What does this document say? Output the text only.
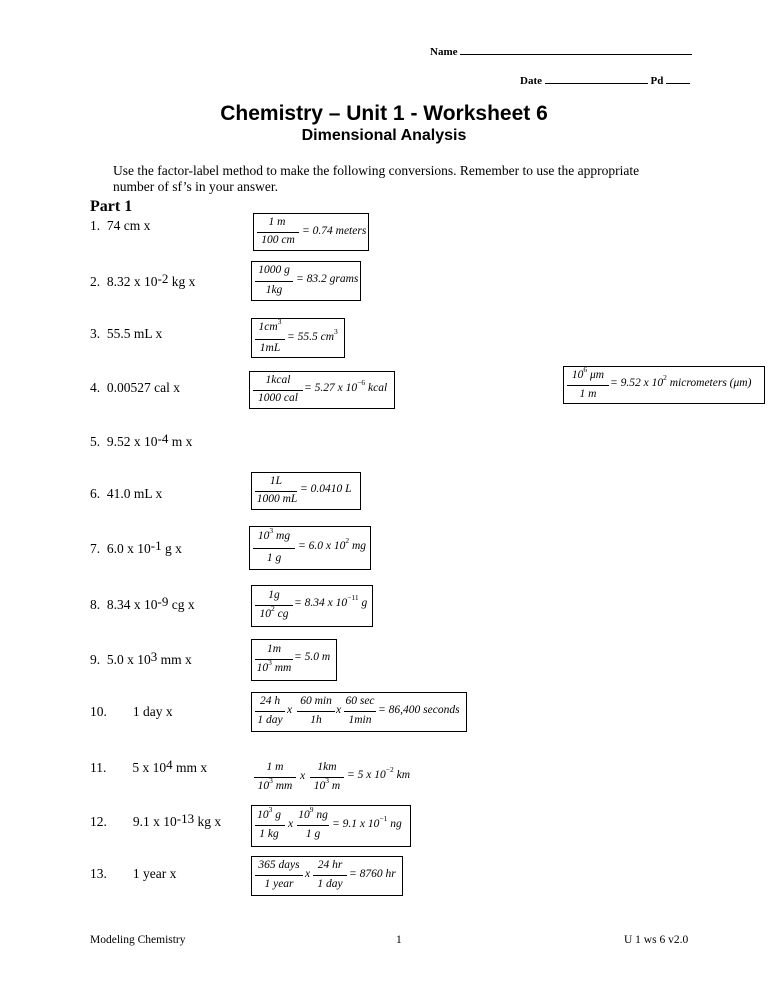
Name
Date	Pd
Chemistry – Unit 1 - Worksheet 6
Dimensional Analysis
Use the factor-label method to make the following conversions. Remember to use the appropriate number of sf’s in your answer.
Part 1
1. 74 cm x
2. 8.32 x $10^{-2}$ kg x
3. 55.5 mL x
4. 0.00527 cal x
5. 9.52 x $10^{-4}$ m x
6. 41.0 mL x
7. 6.0 x $10^{-1}$ g x
8. 8.34 x $10^{-9}$ cg x
9. 5.0 x $10^3$ mm x
10. 1 day x
11. 5 x $10^4$ mm x
12. 9.1 x $10^{-13}$ kg x
13. 1 year x
1 m
100 cm
= 0.74 meters
1000 g
1kg
= 83.2 grams
$1cm^3$
1mL
= 55.5 $cm^3$
1kcal
1000 cal
= 5.27 x $10^{-6}$ kcal
$10^6$ μm
1 m
= 9.52 x $10^2$ micrometers (μm)
1L
1000 mL
= 0.0410 L
$10^3$ mg
1 g
= 6.0 x $10^2$ mg
1g
$10^2$ cg
= 8.34 x $10^{-11}$ g
1m
$10^3$ mm
= 5.0 m
24 h
1 day
x
60 min
1h
x
60 sec
1min
= 86,400 seconds
1 m
$10^3$ mm
x
1km
$10^3$ m
= 5 x $10^{-2}$ km
$10^3$ g
1 kg
x
$10^9$ ng
1 g
= 9.1 x $10^{-1}$ ng
365 days
1 year
x
24 hr
1 day
= 8760 hr
Modeling Chemistry	1	U 1 ws 6 v2.0
